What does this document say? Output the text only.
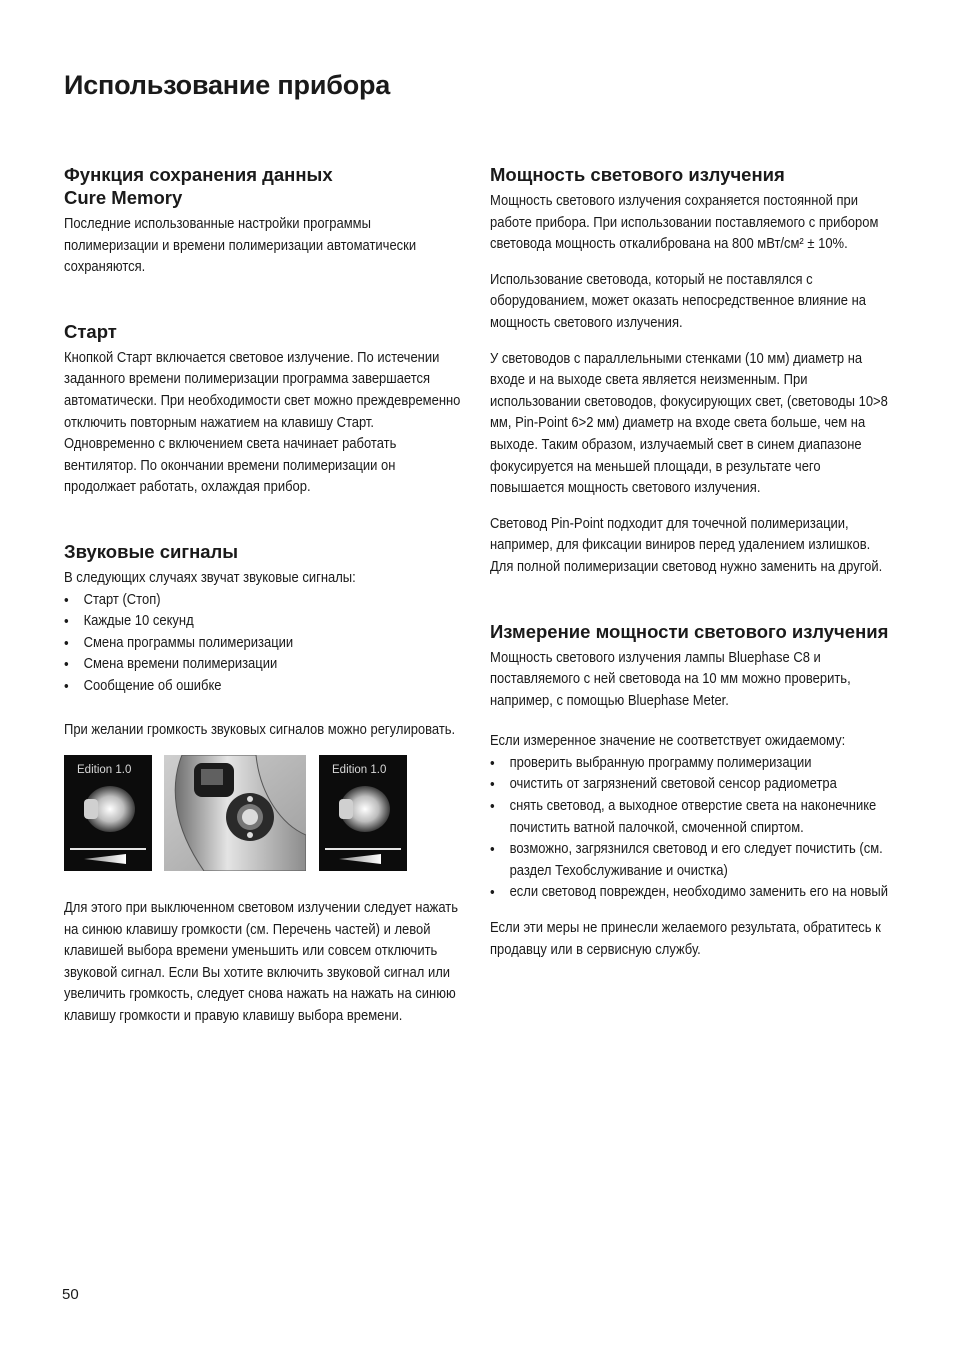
Использование прибора
Функция сохранения данных
Cure Memory

Последние использованные настройки программы полимеризации и времени полимеризации автоматически сохраняются.

Старт

Кнопкой Старт включается световое излучение. По истечении заданного времени полимеризации программа завершается автоматически. При необходимости свет можно преждевременно отключить повторным нажатием на клавишу Старт. Одновременно с включением света начинает работать вентилятор. По окончании времени полимеризации он продолжает работать, охлаждая прибор.

Звуковые сигналы

В следующих случаях звучат звуковые сигналы:

• Старт (Стоп)
• Каждые 10 секунд
• Смена программы полимеризации
• Смена времени полимеризации
• Сообщение об ошибке

При желании громкость звуковых сигналов можно регулировать.

Edition 1.0	Edition 1.0

Для этого при выключенном световом излучении следует нажать на синюю клавишу громкости (см. Перечень частей) и левой клавишей выбора времени уменьшить или совсем отключить звуковой сигнал. Если Вы хотите включить звуковой сигнал или увеличить громкость, следует снова нажать на нажать на синюю клавишу громкости и правую клавишу выбора времени.

Мощность светового излучения

Мощность светового излучения сохраняется постоянной при работе прибора. При использовании поставляемого с прибором световода мощность откалибрована на 800 мВт/см² ± 10%.

Использование световода, который не поставлялся с оборудованием, может оказать непосредственное влияние на мощность светового излучения.

У световодов с параллельными стенками (10 мм) диаметр на входе и на выходе света является неизменным. При использовании световодов, фокусирующих свет, (световоды 10>8 мм, Pin-Point 6>2 мм) диаметр на входе света больше, чем на выходе. Таким образом, излучаемый свет в синем диапазоне фокусируется на меньшей площади, в результате чего повышается мощность светового излучения.

Световод Pin-Point подходит для точечной полимеризации, например, для фиксации виниров перед удалением излишков. Для полной полимеризации световод нужно заменить на другой.

Измерение мощности светового излучения

Мощность светового излучения лампы Bluephase C8 и поставляемого с ней световода на 10 мм можно проверить, например, с помощью Bluephase Meter.

Если измеренное значение не соответствует ожидаемому:

• проверить выбранную программу полимеризации
• очистить от загрязнений световой сенсор радиометра
• снять световод, а выходное отверстие света на наконечнике почистить ватной палочкой, смоченной спиртом.
• возможно, загрязнился световод и его следует почистить (см. раздел Техобслуживание и очистка)
• если световод поврежден, необходимо заменить его на новый

Если эти меры не принесли желаемого результата, обратитесь к продавцу или в сервисную службу.

50
